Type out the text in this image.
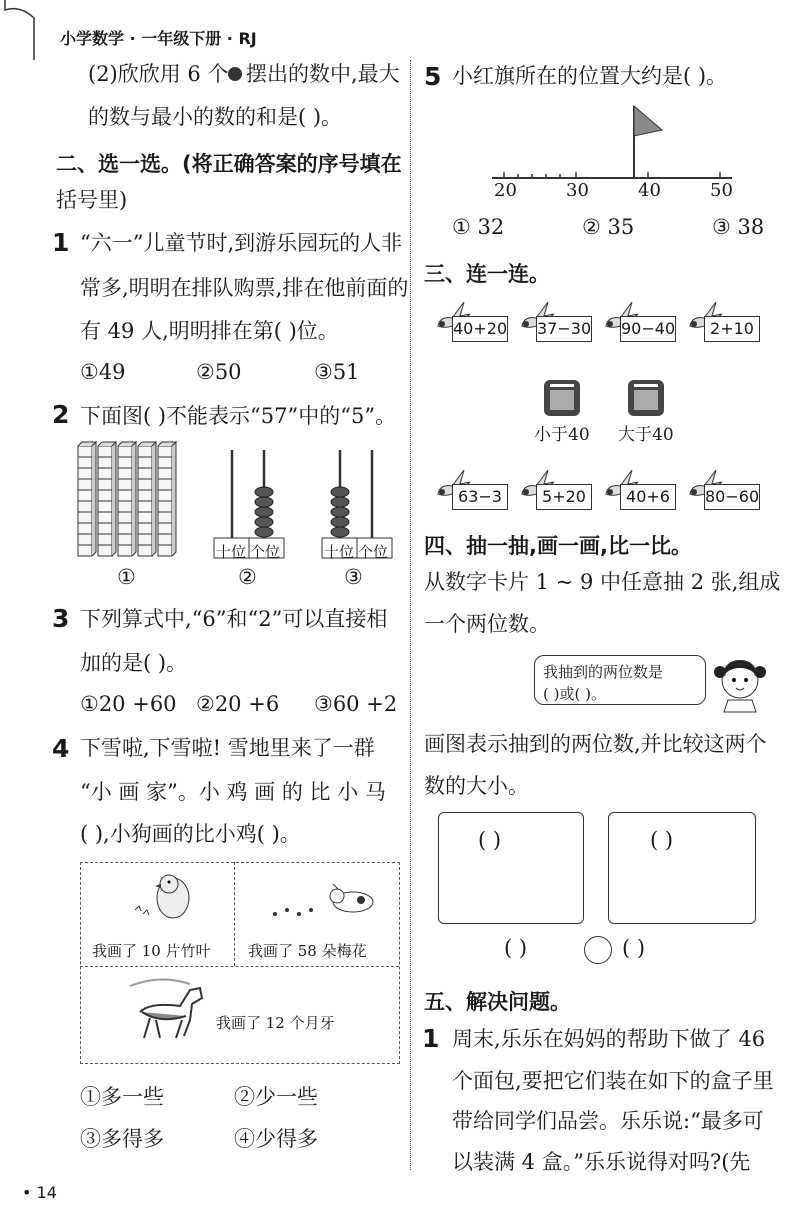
小学数学 · 一年级下册 · RJ
• 14
(2)欣欣用 6 个 摆出的数中,最大
的数与最小的数的和是( )。
二、选一选。(将正确答案的序号填在
括号里)
1 “六一”儿童节时,到游乐园玩的人非
常多,明明在排队购票,排在他前面的
有 49 人,明明排在第( )位。
①49	②50	③51
2 下面图( )不能表示“57”中的“5”。
十位 个位	十位 个位
①	②	③
3 下列算式中,“6”和“2”可以直接相
加的是( )。
①20 +60 ②20 +6 ③60 +2
4 下雪啦,下雪啦! 雪地里来了一群
“小 画 家”。小 鸡 画 的 比 小 马
( ),小狗画的比小鸡( )。
我画了 10 片竹叶 我画了 58 朵梅花
我画了 12 个月牙
①多一些	②少一些
③多得多	④少得多
5 小红旗所在的位置大约是( )。
20	30	40	50
① 32	② 35	③ 38
三、连一连。
40+20 37−30 90−40	2+10
小于40 大于40
63−3	5+20	40+6	80−60
四、抽一抽,画一画,比一比。
从数字卡片 1 ~ 9 中任意抽 2 张,组成
一个两位数。
我抽到的两位数是
( )或( )。
画图表示抽到的两位数,并比较这两个
数的大小。
( )	( )
( )	( )
五、解决问题。
1 周末,乐乐在妈妈的帮助下做了 46
个面包,要把它们装在如下的盒子里
带给同学们品尝。乐乐说:“最多可
以装满 4 盒。”乐乐说得对吗?(先
